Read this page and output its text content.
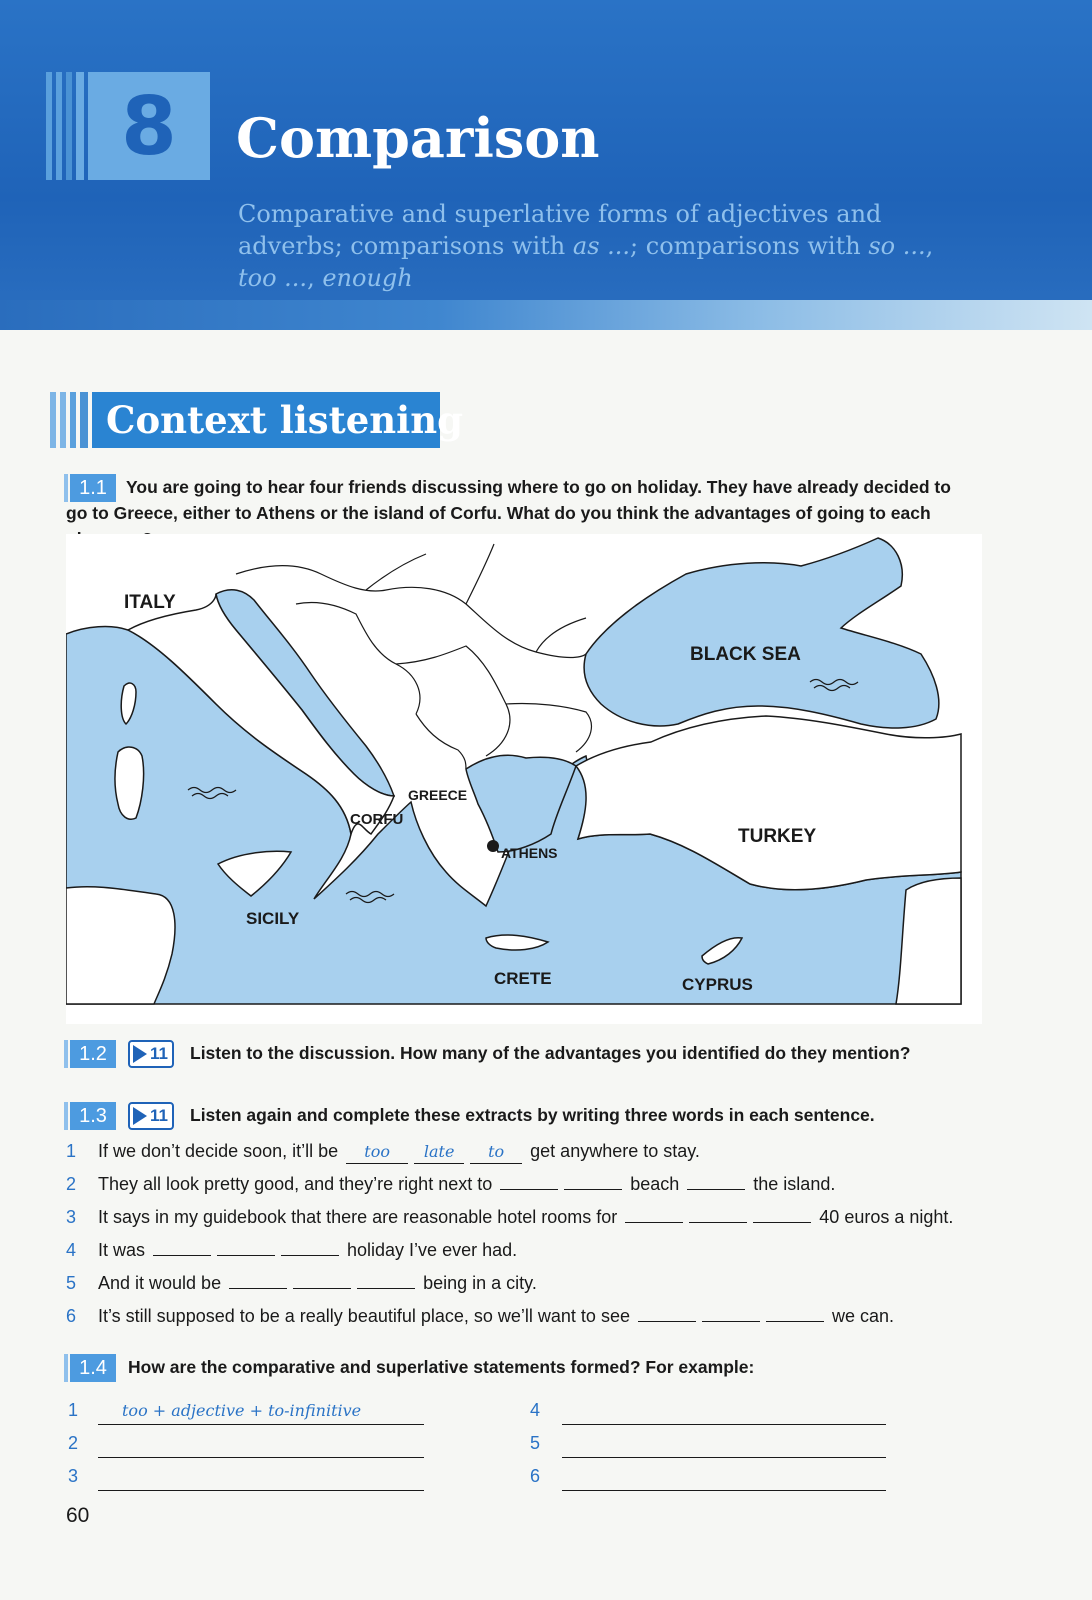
8 Comparison
Comparative and superlative forms of adjectives and
adverbs; comparisons with as ...; comparisons with so ...,
too ..., enough
Context listening
1.1	You are going to hear four friends discussing where to go on holiday. They have already decided to go to Greece, either to Athens or the island of Corfu. What do you think the advantages of going to each
ITALY
BLACK SEA
GREECE
CORFU
ATHENS
TURKEY
SICILY
CRETE	CYPRUS
1.2	11 Listen to the discussion. How many of the advantages you identified do they mention?
1.3	11 Listen again and complete these extracts by writing three words in each sentence.
1	If we don’t decide soon, it’ll be	too	late	to	get anywhere to stay.
2	They all look pretty good, and they’re right next to	beach	the island.
3	It says in my guidebook that there are reasonable hotel rooms for	40 euros a night.
4	It was	holiday I’ve ever had.
5	And it would be	being in a city.
6	It’s still supposed to be a really beautiful place, so we’ll want to see	we can.
1.4	How are the comparative and superlative statements formed? For example:
1	too + adjective + to-infinitive
2
3
4
5
6
60
